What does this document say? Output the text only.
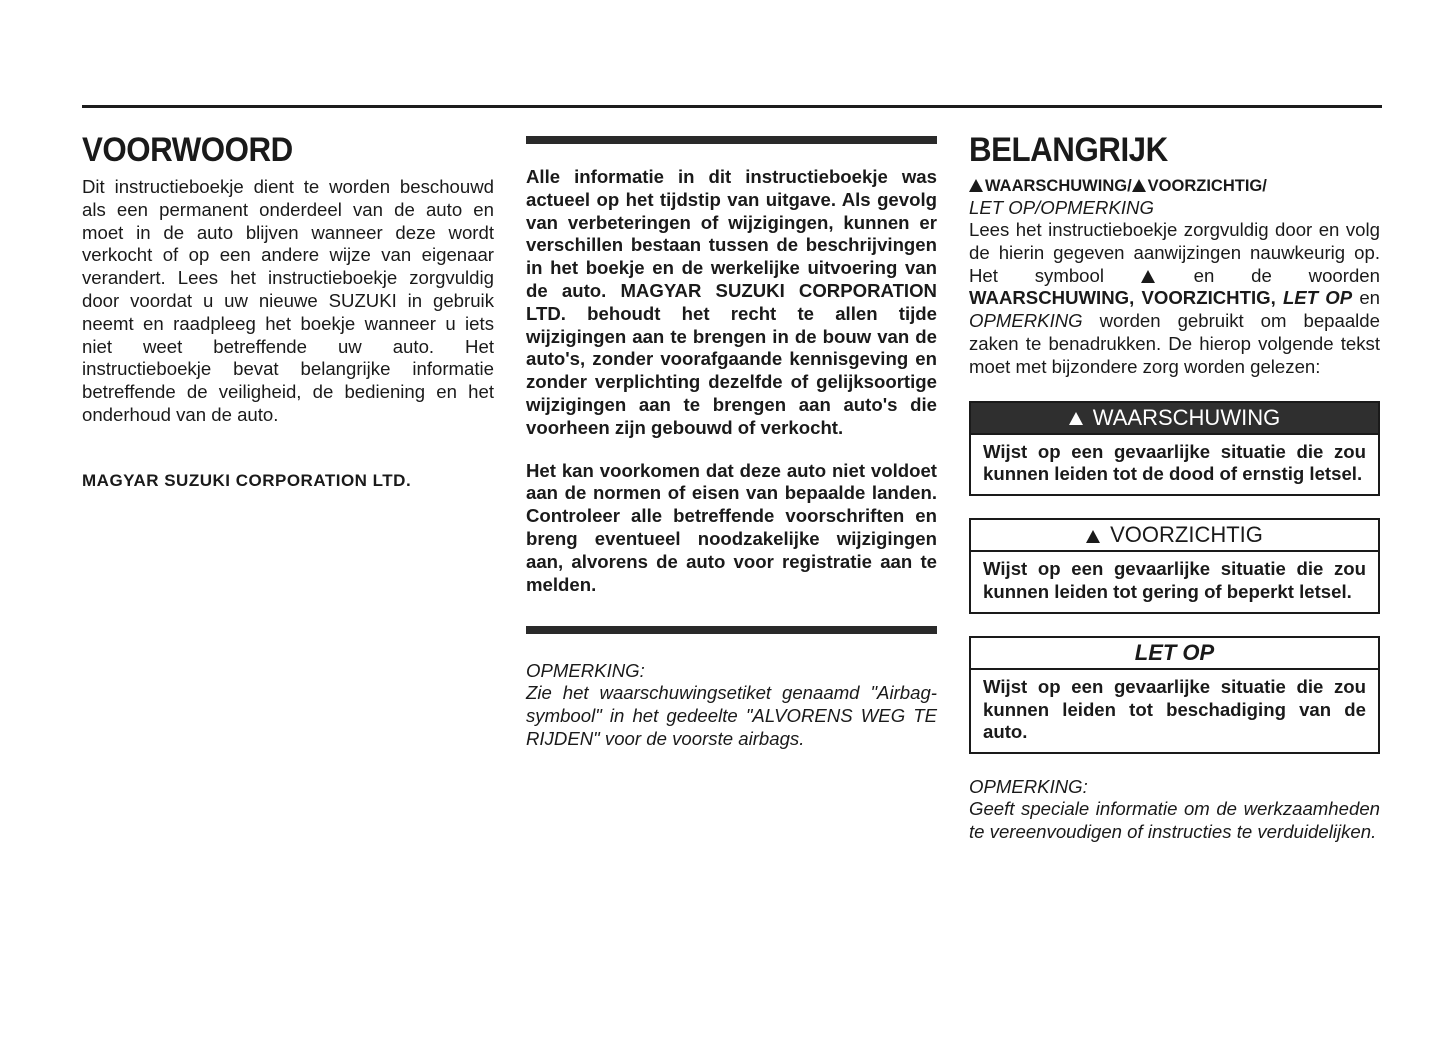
VOORWOORD

Dit instructieboekje dient te worden beschouwd als een permanent onderdeel van de auto en moet in de auto blijven wanneer deze wordt verkocht of op een andere wijze van eigenaar verandert. Lees het instructieboekje zorgvuldig door voordat u uw nieuwe SUZUKI in gebruik neemt en raadpleeg het boekje wanneer u iets niet weet betreffende uw auto. Het instructieboekje bevat belangrijke informatie betreffende de veiligheid, de bediening en het onderhoud van de auto.

MAGYAR SUZUKI CORPORATION LTD.

Alle informatie in dit instructieboekje was actueel op het tijdstip van uitgave. Als gevolg van verbeteringen of wijzigingen, kunnen er verschillen bestaan tussen de beschrijvingen in het boekje en de werkelijke uitvoering van de auto. MAGYAR SUZUKI CORPORATION LTD. behoudt het recht te allen tijde wijzigingen aan te brengen in de bouw van de auto's, zonder voorafgaande kennisgeving en zonder verplichting dezelfde of gelijksoortige wijzigingen aan te brengen aan auto's die voorheen zijn gebouwd of verkocht.

Het kan voorkomen dat deze auto niet voldoet aan de normen of eisen van bepaalde landen. Controleer alle betreffende voorschriften en breng eventueel noodzakelijke wijzigingen aan, alvorens de auto voor registratie aan te melden.

OPMERKING:

Zie het waarschuwingsetiket genaamd "Airbag-symbool" in het gedeelte "ALVORENS WEG TE RIJDEN" voor de voorste airbags.

BELANGRIJK

WAARSCHUWING/ VOORZICHTIG/

LET OP/OPMERKING

Lees het instructieboekje zorgvuldig door en volg de hierin gegeven aanwijzingen nauwkeurig op. Het symbool	en de woorden WAARSCHUWING, VOORZICHTIG, LET OP en OPMERKING worden gebruikt om bepaalde zaken te benadrukken. De hierop volgende tekst moet met bijzondere zorg worden gelezen:

WAARSCHUWING
Wijst op een gevaarlijke situatie die zou kunnen leiden tot de dood of ernstig letsel.
VOORZICHTIG
Wijst op een gevaarlijke situatie die zou kunnen leiden tot gering of beperkt letsel.
LET OP
Wijst op een gevaarlijke situatie die zou kunnen leiden tot beschadiging van de auto.

OPMERKING:

Geeft speciale informatie om de werkzaamheden te vereenvoudigen of instructies te verduidelijken.
